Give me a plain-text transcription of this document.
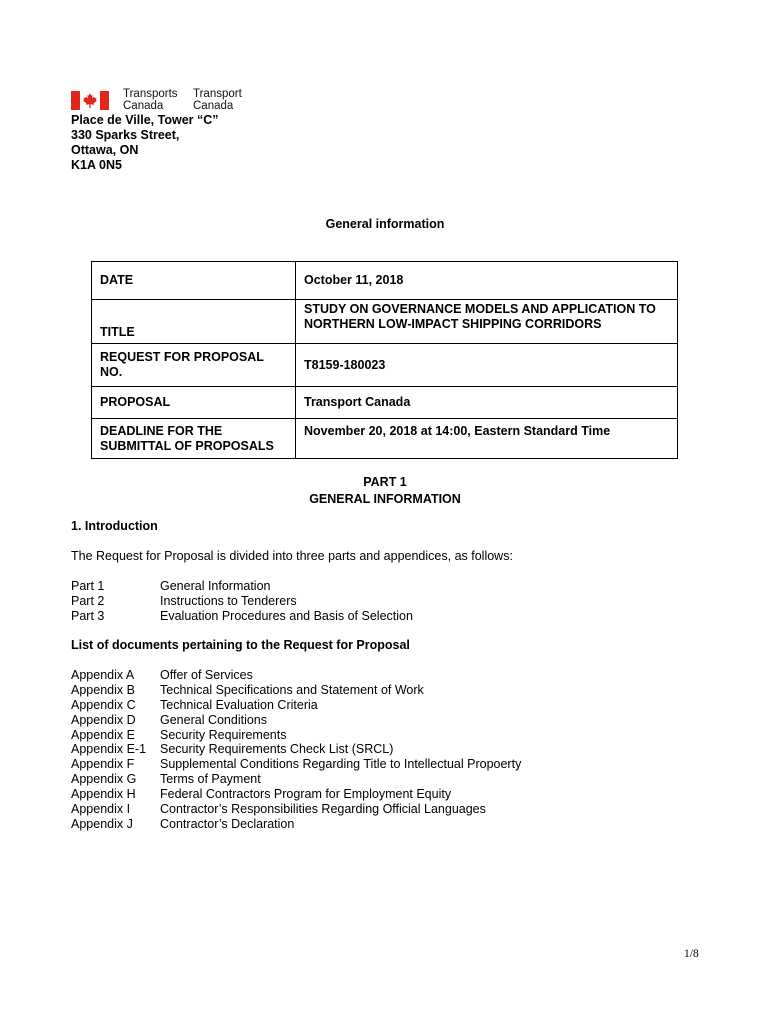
Transports
Canada
Transport
Canada
Place de Ville, Tower “C”
330 Sparks Street,
Ottawa, ON
K1A 0N5
General information
DATE	October 11, 2018
TITLE	STUDY ON GOVERNANCE MODELS AND APPLICATION TO
NORTHERN LOW-IMPACT SHIPPING CORRIDORS

REQUEST FOR PROPOSAL
NO.	T8159-180023
PROPOSAL	Transport Canada

DEADLINE FOR THE
SUBMITTAL OF PROPOSALS	November 20, 2018 at 14:00, Eastern Standard Time
PART 1
GENERAL INFORMATION
1. Introduction
The Request for Proposal is divided into three parts and appendices, as follows:
Part 1	General Information
Part 2	Instructions to Tenderers
Part 3	Evaluation Procedures and Basis of Selection
List of documents pertaining to the Request for Proposal
Appendix A	Offer of Services
Appendix B	Technical Specifications and Statement of Work
Appendix C	Technical Evaluation Criteria
Appendix D	General Conditions
Appendix E	Security Requirements
Appendix E-1	Security Requirements Check List (SRCL)
Appendix F	Supplemental Conditions Regarding Title to Intellectual Propoerty
Appendix G	Terms of Payment
Appendix H	Federal Contractors Program for Employment Equity
Appendix I	Contractor’s Responsibilities Regarding Official Languages
Appendix J	Contractor’s Declaration
1/8
